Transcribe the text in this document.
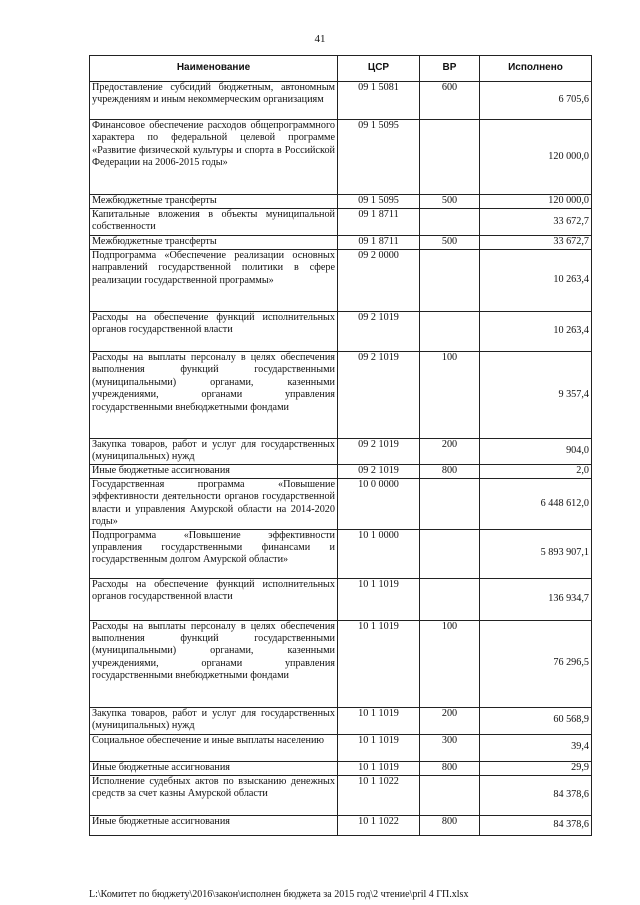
41
Наименование	ЦСР	ВР	Исполнено
Предоставление субсидий бюджетным, автономным учреждениям и иным некоммерческим организациям	09 1 5081	600	6 705,6
Финансовое обеспечение расходов общепрограммного характера по федеральной целевой программе «Развитие физической культуры и спорта в Российской Федерации на 2006-2015 годы»	09 1 5095		120 000,0
Межбюджетные трансферты	09 1 5095	500	120 000,0
Капитальные вложения в объекты муниципальной собственности	09 1 8711		33 672,7
Межбюджетные трансферты	09 1 8711	500	33 672,7
Подпрограмма «Обеспечение реализации основных направлений государственной политики в сфере реализации государственной программы»	09 2 0000		10 263,4
Расходы на обеспечение функций исполнительных органов государственной власти	09 2 1019		10 263,4
Расходы на выплаты персоналу в целях обеспечения выполнения функций государственными (муниципальными) органами, казенными учреждениями, органами управления государственными внебюджетными фондами	09 2 1019	100	9 357,4
Закупка товаров, работ и услуг для государственных (муниципальных) нужд	09 2 1019	200	904,0
Иные бюджетные ассигнования	09 2 1019	800	2,0
Государственная программа «Повышение эффективности деятельности органов государственной власти и управления Амурской области на 2014-2020 годы»	10 0 0000		6 448 612,0
Подпрограмма «Повышение эффективности управления государственными финансами и государственным долгом Амурской области»	10 1 0000		5 893 907,1
Расходы на обеспечение функций исполнительных органов государственной власти	10 1 1019		136 934,7
Расходы на выплаты персоналу в целях обеспечения выполнения функций государственными (муниципальными) органами, казенными учреждениями, органами управления государственными внебюджетными фондами	10 1 1019	100	76 296,5
Закупка товаров, работ и услуг для государственных (муниципальных) нужд	10 1 1019	200	60 568,9
Социальное обеспечение и иные выплаты населению	10 1 1019	300	39,4
Иные бюджетные ассигнования	10 1 1019	800	29,9
Исполнение судебных актов по взысканию денежных средств за счет казны Амурской области	10 1 1022		84 378,6
Иные бюджетные ассигнования	10 1 1022	800	84 378,6
L:\Комитет по бюджету\2016\закон\исполнен бюджета за 2015 год\2 чтение\pril 4 ГП.xlsx
